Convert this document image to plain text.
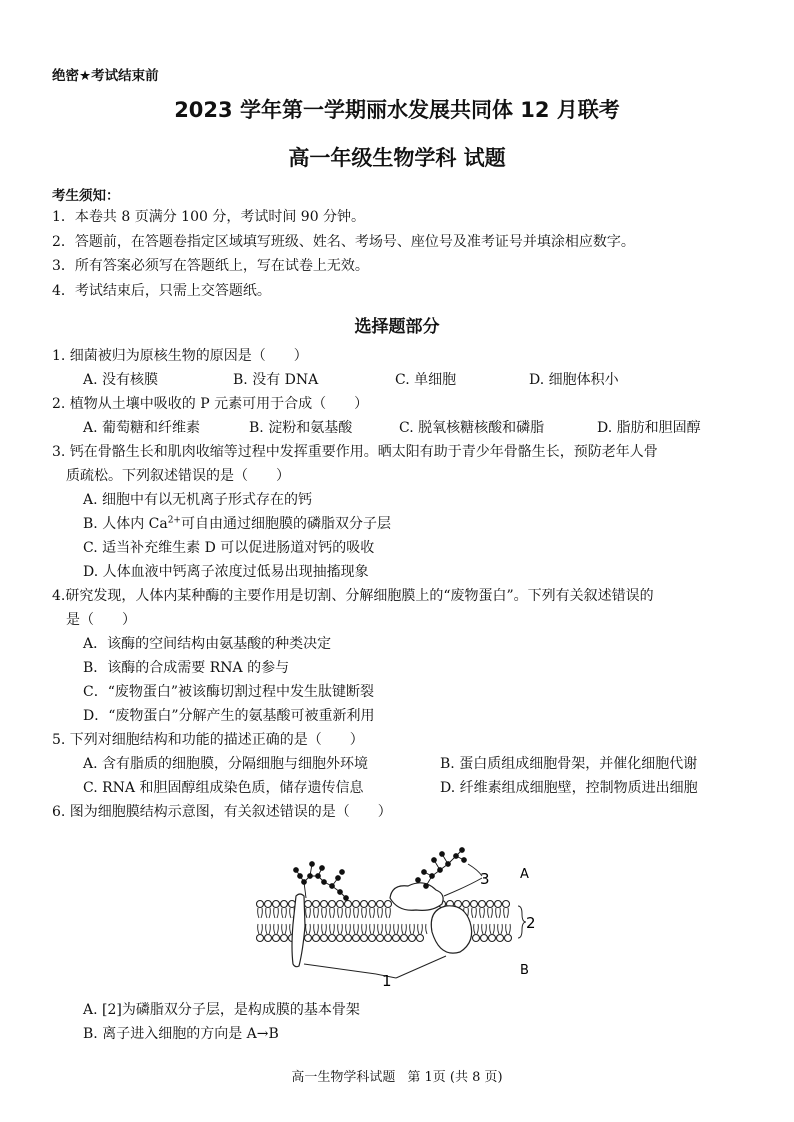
绝密★考试结束前
2023 学年第一学期丽水发展共同体 12 月联考
高一年级生物学科 试题
考生须知：
1．本卷共 8 页满分 100 分，考试时间 90 分钟。
2．答题前，在答题卷指定区域填写班级、姓名、考场号、座位号及准考证号并填涂相应数字。
3．所有答案必须写在答题纸上，写在试卷上无效。
4．考试结束后，只需上交答题纸。
选择题部分
1. 细菌被归为原核生物的原因是（　　）
A. 没有核膜	B. 没有 DNA	C. 单细胞	D. 细胞体积小
2. 植物从土壤中吸收的 P 元素可用于合成（　　）
A. 葡萄糖和纤维素	B. 淀粉和氨基酸	C. 脱氧核糖核酸和磷脂	D. 脂肪和胆固醇
3. 钙在骨骼生长和肌肉收缩等过程中发挥重要作用。晒太阳有助于青少年骨骼生长，预防老年人骨
质疏松。下列叙述错误的是（　　）
A. 细胞中有以无机离子形式存在的钙
B. 人体内 $Ca^{2+}$可自由通过细胞膜的磷脂双分子层
C. 适当补充维生素 D 可以促进肠道对钙的吸收
D. 人体血液中钙离子浓度过低易出现抽搐现象
4.研究发现，人体内某种酶的主要作用是切割、分解细胞膜上的“废物蛋白”。下列有关叙述错误的
是（　　）
A．该酶的空间结构由氨基酸的种类决定
B．该酶的合成需要 RNA 的参与
C．“废物蛋白”被该酶切割过程中发生肽键断裂
D．“废物蛋白”分解产生的氨基酸可被重新利用
5. 下列对细胞结构和功能的描述正确的是（　　）
A. 含有脂质的细胞膜，分隔细胞与细胞外环境	B. 蛋白质组成细胞骨架，并催化细胞代谢
C. RNA 和胆固醇组成染色质，储存遗传信息	D. 纤维素组成细胞壁，控制物质进出细胞
6. 图为细胞膜结构示意图，有关叙述错误的是（　　）
3 A
2
B
1
A. [2]为磷脂双分子层，是构成膜的基本骨架
B. 离子进入细胞的方向是 A→B
高一生物学科试题 第 1页 (共 8 页)
